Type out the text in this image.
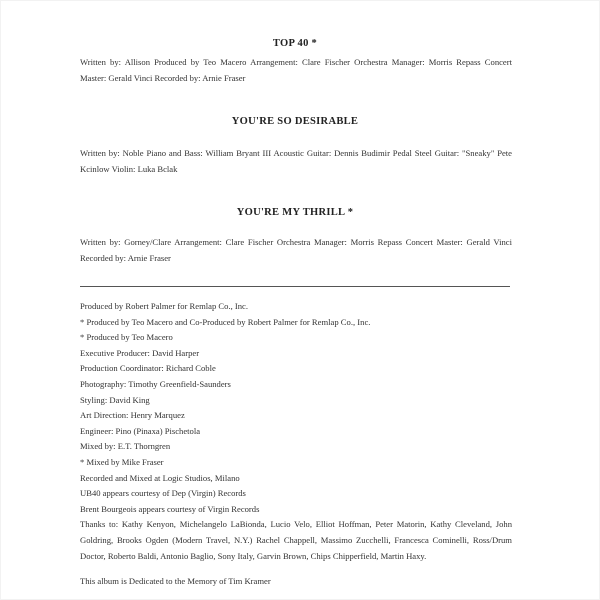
TOP 40 *
Written by: Allison Produced by Teo Macero Arrangement: Clare Fischer Orchestra Manager: Morris Repass Concert Master: Gerald Vinci Recorded by: Arnie Fraser
YOU'RE SO DESIRABLE
Written by: Noble Piano and Bass: William Bryant III Acoustic Guitar: Dennis Budimir Pedal Steel Guitar: "Sneaky" Pete Kcinlow Violin: Luka Bclak
YOU'RE MY THRILL *
Written by: Gorney/Clare Arrangement: Clare Fischer Orchestra Manager: Morris Repass Concert Master: Gerald Vinci Recorded by: Arnie Fraser
Produced by Robert Palmer for Remlap Co., Inc.
* Produced by Teo Macero and Co-Produced by Robert Palmer for Remlap Co., Inc.
* Produced by Teo Macero
Executive Producer: David Harper
Production Coordinator: Richard Coble
Photography: Timothy Greenfield-Saunders
Styling: David King
Art Direction: Henry Marquez
Engineer: Pino (Pinaxa) Pischetola
Mixed by: E.T. Thorngren
* Mixed by Mike Fraser
Recorded and Mixed at Logic Studios, Milano
UB40 appears courtesy of Dep (Virgin) Records
Brent Bourgeois appears courtesy of Virgin Records
Thanks to: Kathy Kenyon, Michelangelo LaBionda, Lucio Velo, Elliot Hoffman, Peter Matorin, Kathy Cleveland, John Goldring, Brooks Ogden (Modern Travel, N.Y.) Rachel Chappell, Massimo Zucchelli, Francesca Cominelli, Ross/Drum Doctor, Roberto Baldi, Antonio Baglio, Sony Italy, Garvin Brown, Chips Chipperfield, Martin Haxy.
This album is Dedicated to the Memory of Tim Kramer
